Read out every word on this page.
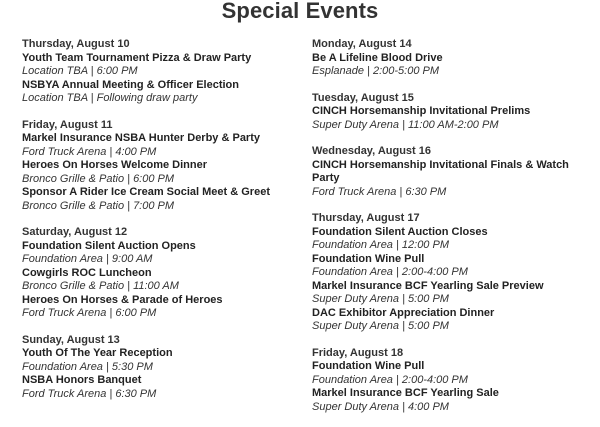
Special Events
Thursday, August 10
Youth Team Tournament Pizza & Draw Party
Location TBA | 6:00 PM
NSBYA Annual Meeting & Officer Election
Location TBA | Following draw party
Friday, August 11
Markel Insurance NSBA Hunter Derby & Party
Ford Truck Arena | 4:00 PM
Heroes On Horses Welcome Dinner
Bronco Grille & Patio | 6:00 PM
Sponsor A Rider Ice Cream Social Meet & Greet
Bronco Grille & Patio | 7:00 PM
Saturday, August 12
Foundation Silent Auction Opens
Foundation Area | 9:00 AM
Cowgirls ROC Luncheon
Bronco Grille & Patio | 11:00 AM
Heroes On Horses & Parade of Heroes
Ford Truck Arena | 6:00 PM
Sunday, August 13
Youth Of The Year Reception
Foundation Area | 5:30 PM
NSBA Honors Banquet
Ford Truck Arena | 6:30 PM
Monday, August 14
Be A Lifeline Blood Drive
Esplanade | 2:00-5:00 PM
Tuesday, August 15
CINCH Horsemanship Invitational Prelims
Super Duty Arena | 11:00 AM-2:00 PM
Wednesday, August 16
CINCH Horsemanship Invitational Finals & Watch Party
Ford Truck Arena | 6:30 PM
Thursday, August 17
Foundation Silent Auction Closes
Foundation Area | 12:00 PM
Foundation Wine Pull
Foundation Area | 2:00-4:00 PM
Markel Insurance BCF Yearling Sale Preview
Super Duty Arena | 5:00 PM
DAC Exhibitor Appreciation Dinner
Super Duty Arena | 5:00 PM
Friday, August 18
Foundation Wine Pull
Foundation Area | 2:00-4:00 PM
Markel Insurance BCF Yearling Sale
Super Duty Arena | 4:00 PM
